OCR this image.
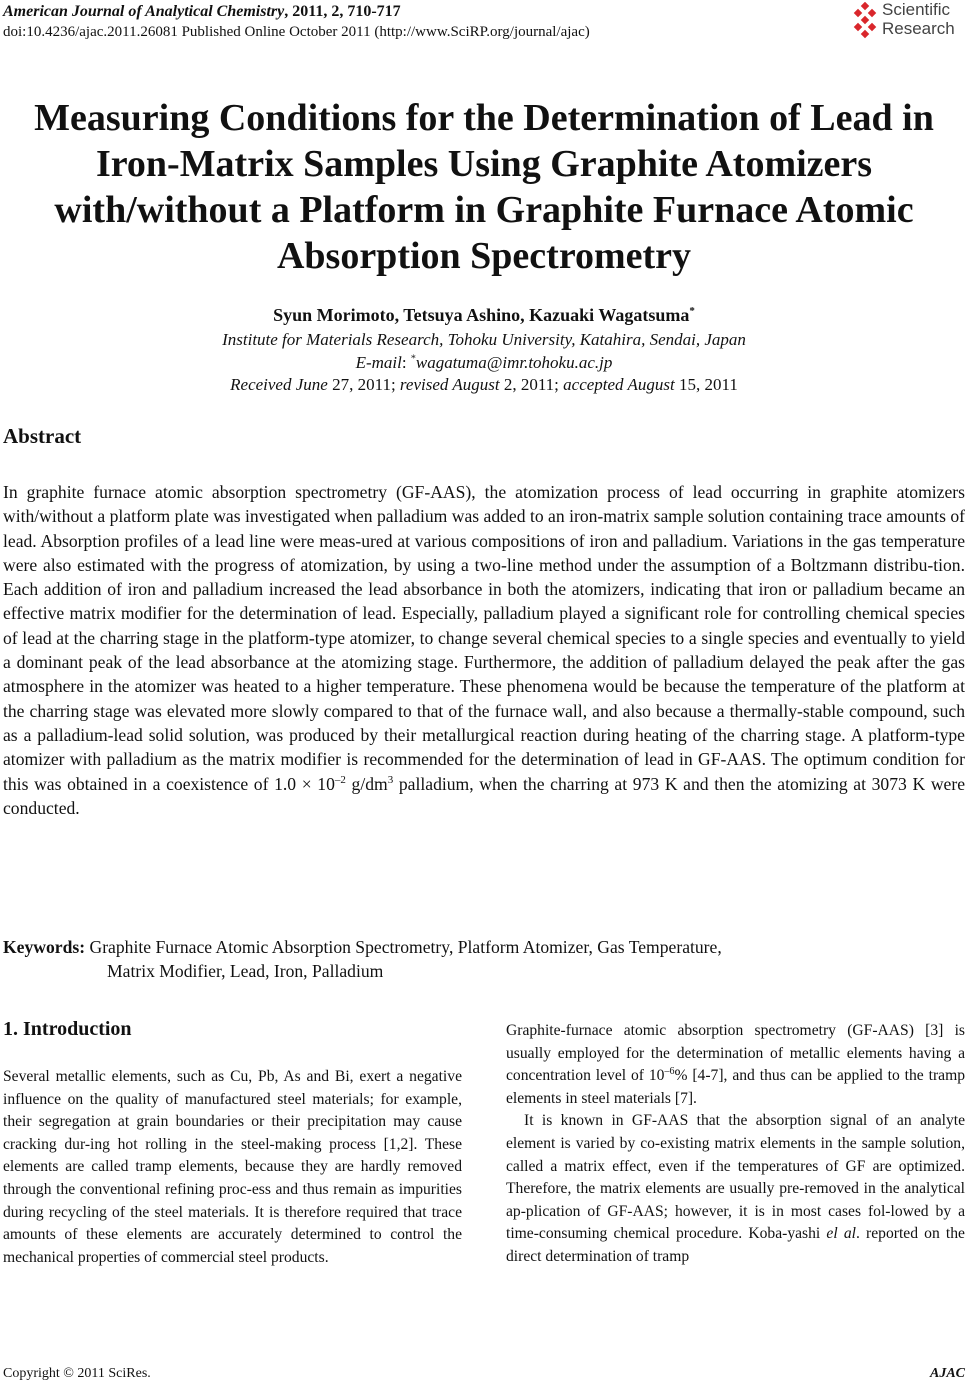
American Journal of Analytical Chemistry, 2011, 2, 710-717
doi:10.4236/ajac.2011.26081 Published Online October 2011 (http://www.SciRP.org/journal/ajac)
Scientific
Research
Measuring Conditions for the Determination of Lead in
Iron-Matrix Samples Using Graphite Atomizers
with/without a Platform in Graphite Furnace Atomic
Absorption Spectrometry
Syun Morimoto, Tetsuya Ashino, Kazuaki Wagatsuma*
Institute for Materials Research, Tohoku University, Katahira, Sendai, Japan
E-mail: *wagatuma@imr.tohoku.ac.jp
Received June 27, 2011; revised August 2, 2011; accepted August 15, 2011
Abstract
In graphite furnace atomic absorption spectrometry (GF-AAS), the atomization process of lead occurring in graphite atomizers with/without a platform plate was investigated when palladium was added to an iron-matrix sample solution containing trace amounts of lead. Absorption profiles of a lead line were meas-ured at various compositions of iron and palladium. Variations in the gas temperature were also estimated with the progress of atomization, by using a two-line method under the assumption of a Boltzmann distribu-tion. Each addition of iron and palladium increased the lead absorbance in both the atomizers, indicating that iron or palladium became an effective matrix modifier for the determination of lead. Especially, palladium played a significant role for controlling chemical species of lead at the charring stage in the platform-type atomizer, to change several chemical species to a single species and eventually to yield a dominant peak of the lead absorbance at the atomizing stage. Furthermore, the addition of palladium delayed the peak after the gas atmosphere in the atomizer was heated to a higher temperature. These phenomena would be because the temperature of the platform at the charring stage was elevated more slowly compared to that of the furnace wall, and also because a thermally-stable compound, such as a palladium-lead solid solution, was produced by their metallurgical reaction during heating of the charring stage. A platform-type atomizer with palladium as the matrix modifier is recommended for the determination of lead in GF-AAS. The optimum condition for this was obtained in a coexistence of $1.0 \times 10^{-2}$ $g/dm^3$ palladium, when the charring at 973 K and then the atomizing at 3073 K were conducted.
Keywords: Graphite Furnace Atomic Absorption Spectrometry, Platform Atomizer, Gas Temperature,
Matrix Modifier, Lead, Iron, Palladium
1. Introduction
Several metallic elements, such as Cu, Pb, As and Bi, exert a negative influence on the quality of manufactured steel materials; for example, their segregation at grain boundaries or their precipitation may cause cracking dur-ing hot rolling in the steel-making process [1,2]. These elements are called tramp elements, because they are hardly removed through the conventional refining proc-ess and thus remain as impurities during recycling of the steel materials. It is therefore required that trace amounts of these elements are accurately determined to control the mechanical properties of commercial steel products.

Graphite-furnace atomic absorption spectrometry (GF-AAS) [3] is usually employed for the determination of metallic elements having a concentration level of $10^{-6}\%$ [4-7], and thus can be applied to the tramp elements in steel materials [7].

It is known in GF-AAS that the absorption signal of an analyte element is varied by co-existing matrix elements in the sample solution, called a matrix effect, even if the temperatures of GF are optimized. Therefore, the matrix elements are usually pre-removed in the analytical ap-plication of GF-AAS; however, it is in most cases fol-lowed by a time-consuming chemical procedure. Koba-yashi el al. reported on the direct determination of tramp

Copyright © 2011 SciRes.	AJAC
